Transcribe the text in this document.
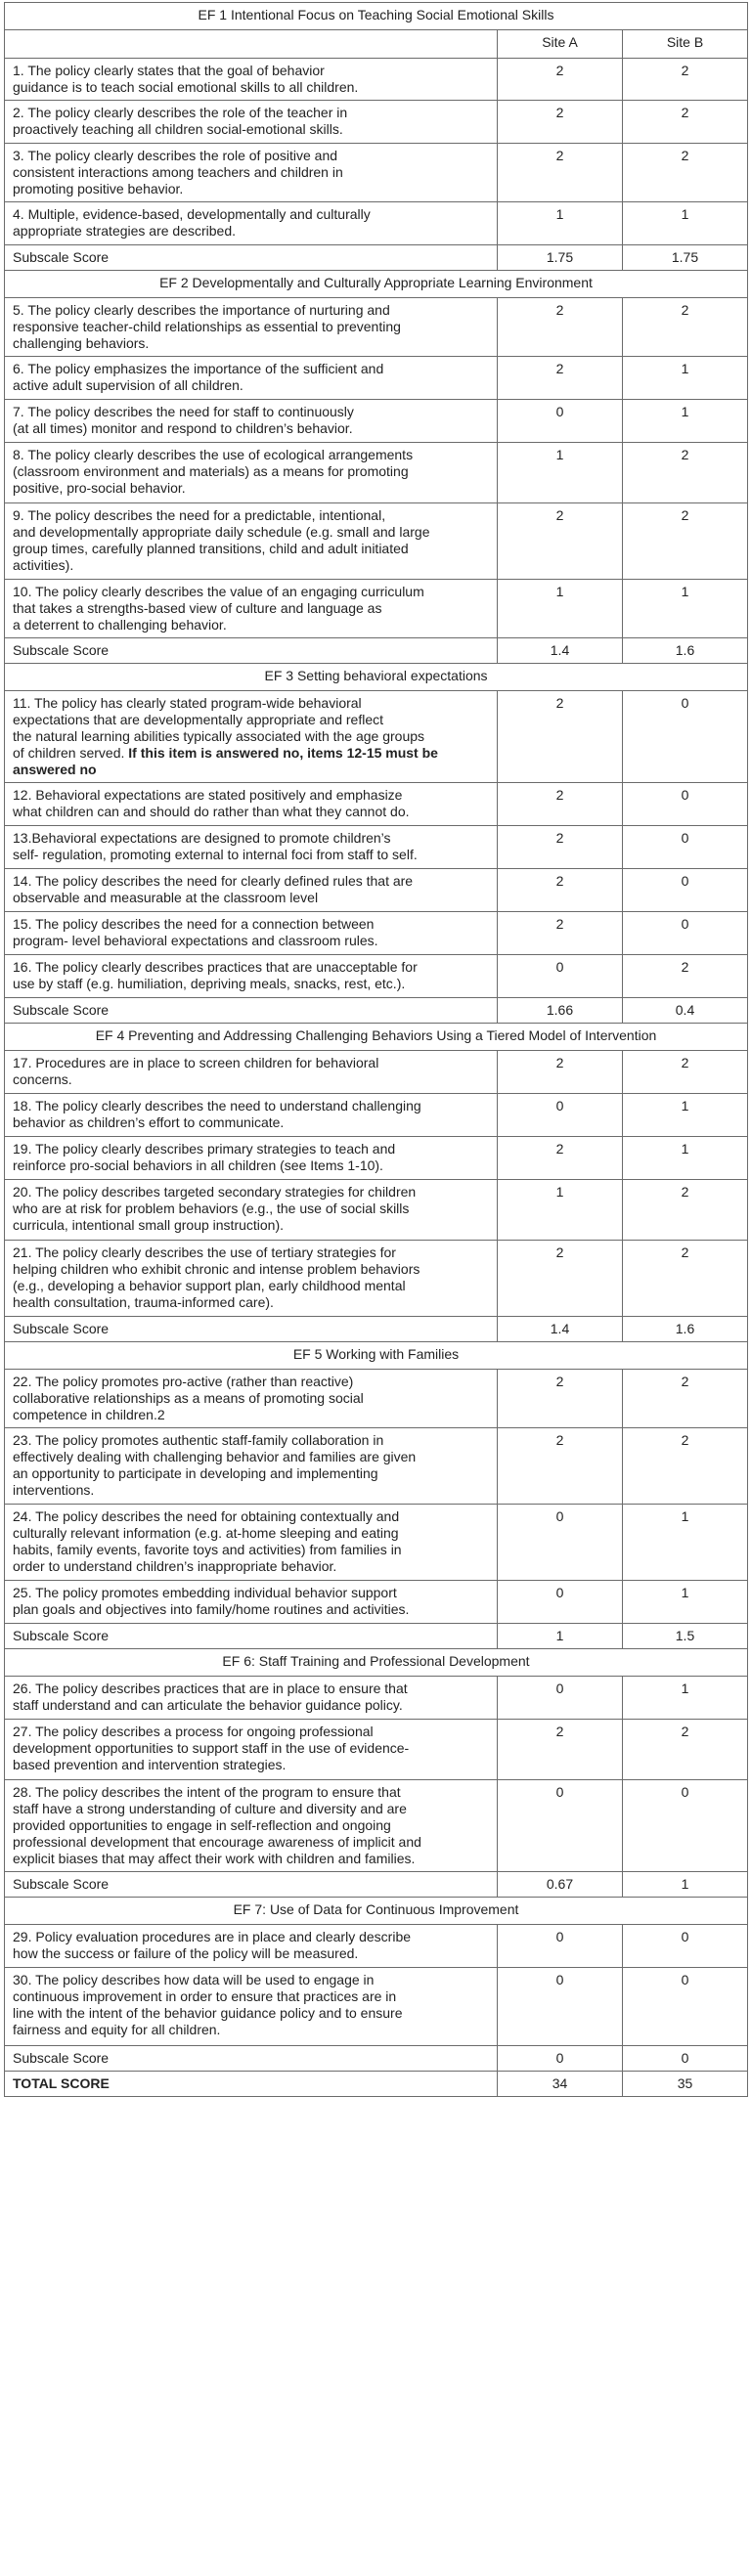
EF 1 Intentional Focus on Teaching Social Emotional Skills		
	Site A	Site B
1. The policy clearly states that the goal of behavior
guidance is to teach social emotional skills to all children.	2	2
2. The policy clearly describes the role of the teacher in
proactively teaching all children social-emotional skills.	2	2
3. The policy clearly describes the role of positive and
consistent interactions among teachers and children in
promoting positive behavior.	2	2
4. Multiple, evidence-based, developmentally and culturally
appropriate strategies are described.	1	1
Subscale Score	1.75	1.75
EF 2 Developmentally and Culturally Appropriate Learning Environment		
5. The policy clearly describes the importance of nurturing and
responsive teacher-child relationships as essential to preventing
challenging behaviors.	2	2
6. The policy emphasizes the importance of the sufficient and
active adult supervision of all children.	2	1
7. The policy describes the need for staff to continuously
(at all times) monitor and respond to children’s behavior.	0	1
8. The policy clearly describes the use of ecological arrangements
(classroom environment and materials) as a means for promoting
positive, pro-social behavior.	1	2
9. The policy describes the need for a predictable, intentional,
and developmentally appropriate daily schedule (e.g. small and large
group times, carefully planned transitions, child and adult initiated
activities).	2	2
10. The policy clearly describes the value of an engaging curriculum
that takes a strengths-based view of culture and language as
a deterrent to challenging behavior.	1	1
Subscale Score	1.4	1.6
EF 3 Setting behavioral expectations		
11. The policy has clearly stated program-wide behavioral
expectations that are developmentally appropriate and reflect
the natural learning abilities typically associated with the age groups
of children served. If this item is answered no, items 12-15 must be answered no	2	0
12. Behavioral expectations are stated positively and emphasize
what children can and should do rather than what they cannot do.	2	0
13.Behavioral expectations are designed to promote children’s
self- regulation, promoting external to internal foci from staff to self.	2	0
14. The policy describes the need for clearly defined rules that are
observable and measurable at the classroom level	2	0
15. The policy describes the need for a connection between
program- level behavioral expectations and classroom rules.	2	0
16. The policy clearly describes practices that are unacceptable for
use by staff (e.g. humiliation, depriving meals, snacks, rest, etc.).	0	2
Subscale Score	1.66	0.4
EF 4 Preventing and Addressing Challenging Behaviors Using a Tiered Model of Intervention		
17. Procedures are in place to screen children for behavioral
concerns.	2	2
18. The policy clearly describes the need to understand challenging
behavior as children’s effort to communicate.	0	1
19. The policy clearly describes primary strategies to teach and
reinforce pro-social behaviors in all children (see Items 1-10).	2	1
20. The policy describes targeted secondary strategies for children
who are at risk for problem behaviors (e.g., the use of social skills
curricula, intentional small group instruction).	1	2
21. The policy clearly describes the use of tertiary strategies for
helping children who exhibit chronic and intense problem behaviors
(e.g., developing a behavior support plan, early childhood mental
health consultation, trauma-informed care).	2	2
Subscale Score	1.4	1.6
EF 5 Working with Families		
22. The policy promotes pro-active (rather than reactive)
collaborative relationships as a means of promoting social
competence in children.2	2	2
23. The policy promotes authentic staff-family collaboration in
effectively dealing with challenging behavior and families are given
an opportunity to participate in developing and implementing
interventions.	2	2
24. The policy describes the need for obtaining contextually and
culturally relevant information (e.g. at-home sleeping and eating
habits, family events, favorite toys and activities) from families in
order to understand children’s inappropriate behavior.	0	1
25. The policy promotes embedding individual behavior support
plan goals and objectives into family/home routines and activities.	0	1
Subscale Score	1	1.5
EF 6: Staff Training and Professional Development		
26. The policy describes practices that are in place to ensure that
staff understand and can articulate the behavior guidance policy.	0	1
27. The policy describes a process for ongoing professional
development opportunities to support staff in the use of evidence-
based prevention and intervention strategies.	2	2
28. The policy describes the intent of the program to ensure that
staff have a strong understanding of culture and diversity and are
provided opportunities to engage in self-reflection and ongoing
professional development that encourage awareness of implicit and
explicit biases that may affect their work with children and families.	0	0
Subscale Score	0.67	1
EF 7: Use of Data for Continuous Improvement		
29. Policy evaluation procedures are in place and clearly describe
how the success or failure of the policy will be measured.	0	0
30. The policy describes how data will be used to engage in
continuous improvement in order to ensure that practices are in
line with the intent of the behavior guidance policy and to ensure
fairness and equity for all children.	0	0
Subscale Score	0	0
TOTAL SCORE	34	35
